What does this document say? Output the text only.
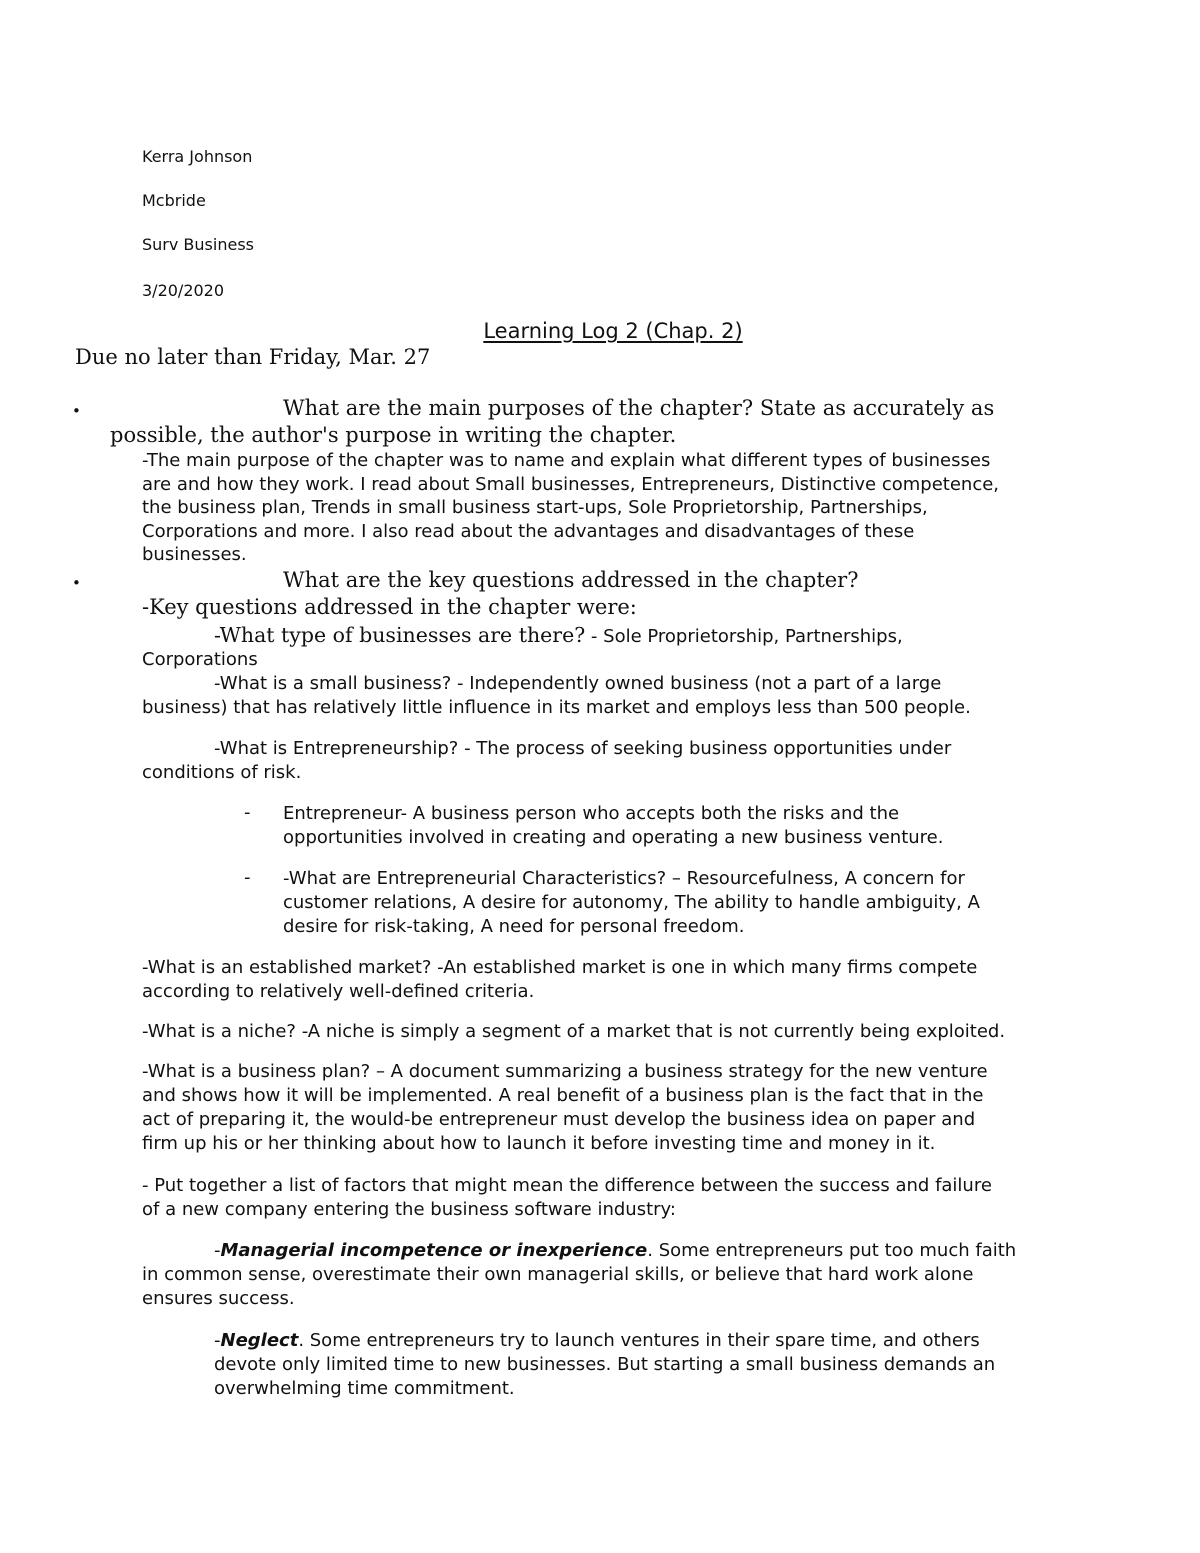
Kerra Johnson
Mcbride
Surv Business
3/20/2020
Learning Log 2 (Chap. 2)
Due no later than Friday, Mar. 27
•	What are the main purposes of the chapter? State as accurately as
possible, the author's purpose in writing the chapter.
-The main purpose of the chapter was to name and explain what different types of businesses
are and how they work. I read about Small businesses, Entrepreneurs, Distinctive competence,
the business plan, Trends in small business start-ups, Sole Proprietorship, Partnerships,
Corporations and more. I also read about the advantages and disadvantages of these
businesses.
•	What are the key questions addressed in the chapter?
-Key questions addressed in the chapter were:
-What type of businesses are there? - Sole Proprietorship, Partnerships,
Corporations
-What is a small business? - Independently owned business (not a part of a large
business) that has relatively little influence in its market and employs less than 500 people.
-What is Entrepreneurship? - The process of seeking business opportunities under
conditions of risk.
- Entrepreneur- A business person who accepts both the risks and the
opportunities involved in creating and operating a new business venture.
- -What are Entrepreneurial Characteristics? – Resourcefulness, A concern for
customer relations, A desire for autonomy, The ability to handle ambiguity, A
desire for risk-taking, A need for personal freedom.
-What is an established market? -An established market is one in which many firms compete
according to relatively well-defined criteria.
-What is a niche? -A niche is simply a segment of a market that is not currently being exploited.
-What is a business plan? – A document summarizing a business strategy for the new venture
and shows how it will be implemented. A real benefit of a business plan is the fact that in the
act of preparing it, the would-be entrepreneur must develop the business idea on paper and
firm up his or her thinking about how to launch it before investing time and money in it.
- Put together a list of factors that might mean the difference between the success and failure
of a new company entering the business software industry:
-Managerial incompetence or inexperience. Some entrepreneurs put too much faith
in common sense, overestimate their own managerial skills, or believe that hard work alone
ensures success.
-Neglect. Some entrepreneurs try to launch ventures in their spare time, and others
devote only limited time to new businesses. But starting a small business demands an
overwhelming time commitment.
